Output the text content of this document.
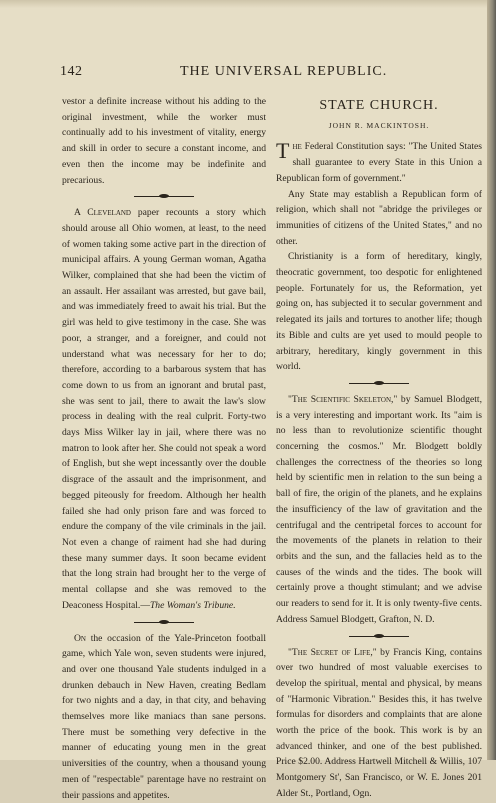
142	THE UNIVERSAL REPUBLIC.

vestor a definite increase without his adding to the original investment, while the worker must continually add to his investment of vitality, energy and skill in order to secure a constant income, and even then the income may be indefinite and precarious.

A Cleveland paper recounts a story which should arouse all Ohio women, at least, to the need of women taking some active part in the direction of municipal affairs. A young German woman, Agatha Wilker, complained that she had been the victim of an assault. Her assailant was arrested, but gave bail, and was immediately freed to await his trial. But the girl was held to give testimony in the case. She was poor, a stranger, and a foreigner, and could not understand what was necessary for her to do; therefore, according to a barbarous system that has come down to us from an ignorant and brutal past, she was sent to jail, there to await the law's slow process in dealing with the real culprit. Forty-two days Miss Wilker lay in jail, where there was no matron to look after her. She could not speak a word of English, but she wept incessantly over the double disgrace of the assault and the imprisonment, and begged piteously for freedom. Although her health failed she had only prison fare and was forced to endure the company of the vile criminals in the jail. Not even a change of raiment had she had during these many summer days. It soon became evident that the long strain had brought her to the verge of mental collapse and she was removed to the Deaconess Hospital.—The Woman's Tribune.

On the occasion of the Yale-Princeton football game, which Yale won, seven students were injured, and over one thousand Yale students indulged in a drunken debauch in New Haven, creating Bedlam for two nights and a day, in that city, and behaving themselves more like maniacs than sane persons. There must be something very defective in the manner of educating young men in the great universities of the country, when a thousand young men of "respectable" parentage have no restraint on their passions and appetites.

STATE CHURCH.
JOHN R. MACKINTOSH.

The Federal Constitution says: "The United States shall guarantee to every State in this Union a Republican form of government."

Any State may establish a Republican form of religion, which shall not "abridge the privileges or immunities of citizens of the United States," and no other.

Christianity is a form of hereditary, kingly, theocratic government, too despotic for enlightened people. Fortunately for us, the Reformation, yet going on, has subjected it to secular government and relegated its jails and tortures to another life; though its Bible and cults are yet used to mould people to arbitrary, hereditary, kingly government in this world.

"The Scientific Skeleton," by Samuel Blodgett, is a very interesting and important work. Its "aim is no less than to revolutionize scientific thought concerning the cosmos." Mr. Blodgett boldly challenges the correctness of the theories so long held by scientific men in relation to the sun being a ball of fire, the origin of the planets, and he explains the insufficiency of the law of gravitation and the centrifugal and the centripetal forces to account for the movements of the planets in relation to their orbits and the sun, and the fallacies held as to the causes of the winds and the tides. The book will certainly prove a thought stimulant; and we advise our readers to send for it. It is only twenty-five cents. Address Samuel Blodgett, Grafton, N. D.

"The Secret of Life," by Francis King, contains over two hundred of most valuable exercises to develop the spiritual, mental and physical, by means of "Harmonic Vibration." Besides this, it has twelve formulas for disorders and complaints that are alone worth the price of the book. This work is by an advanced thinker, and one of the best published. Price $2.00. Address Hartwell Mitchell & Willis, 107 Montgomery St', San Francisco, or W. E. Jones 201 Alder St., Portland, Ogn.
